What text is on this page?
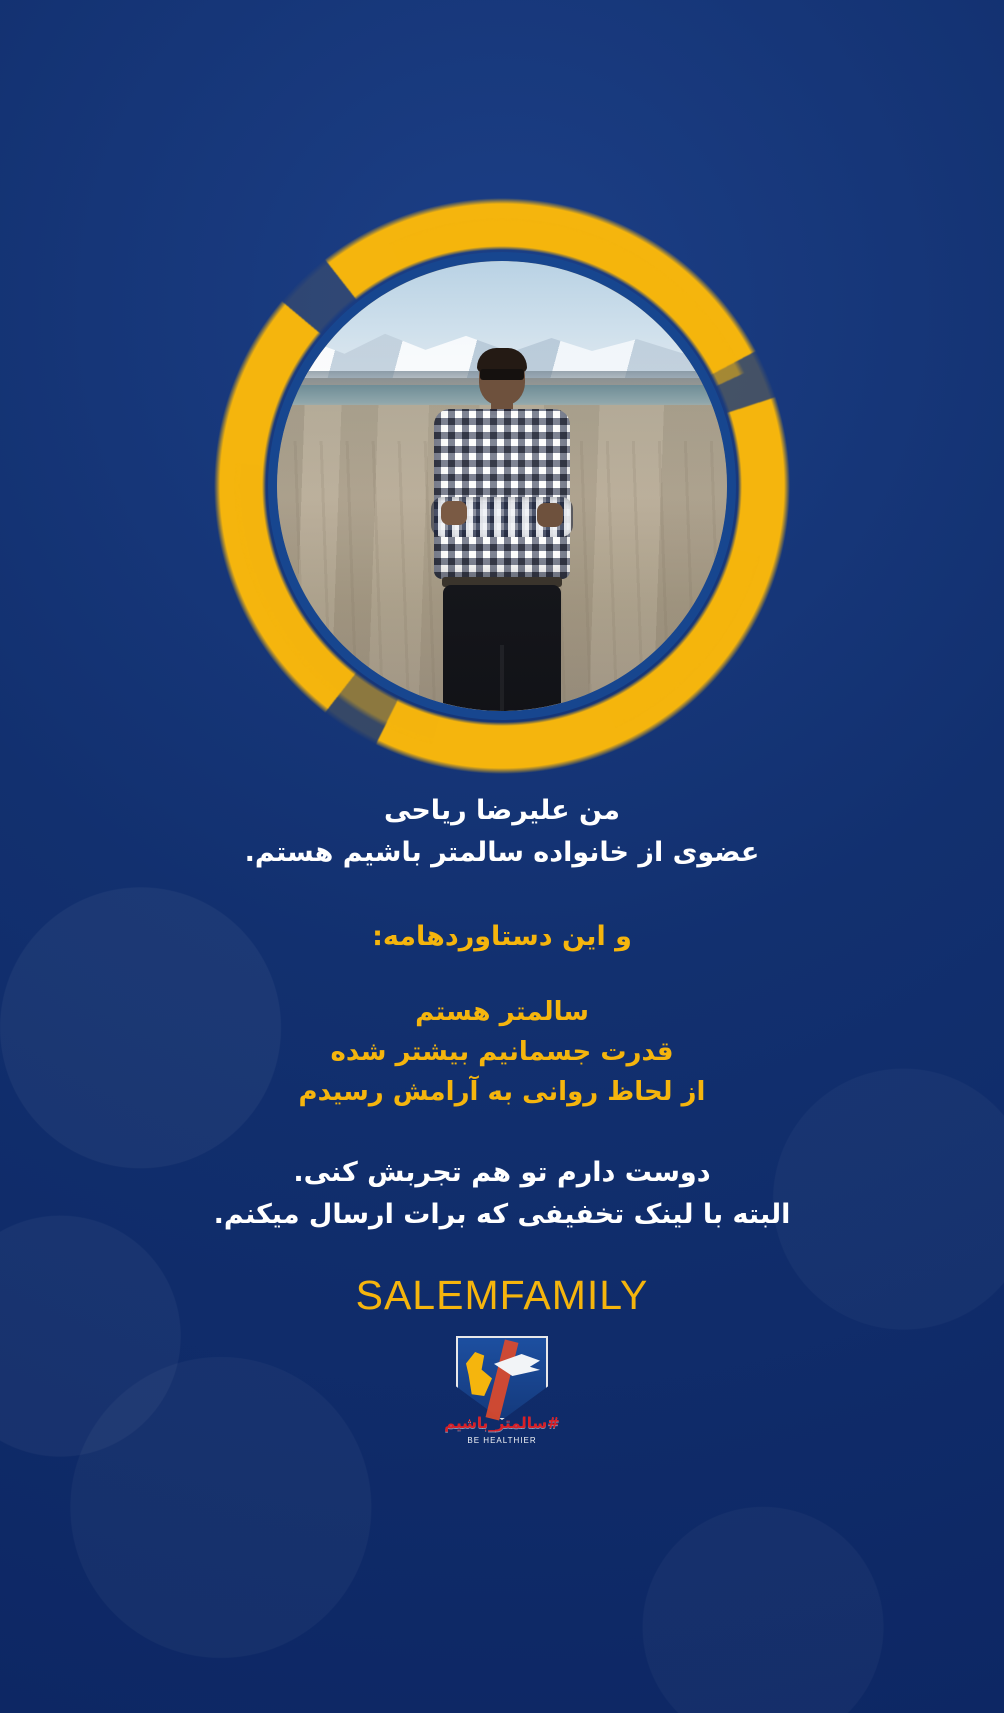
من علیرضا ریاحی
عضوی از خانواده سالمتر باشیم هستم.
و این دستاوردهامه:
سالمتر هستم
قدرت جسمانیم بیشتر شده
از لحاظ روانی به آرامش رسیدم
دوست دارم تو هم تجربش کنی.
البته با لینک تخفیفی که برات ارسال میکنم.
SALEMFAMILY
#سالمتر_باشیم
BE HEALTHIER
